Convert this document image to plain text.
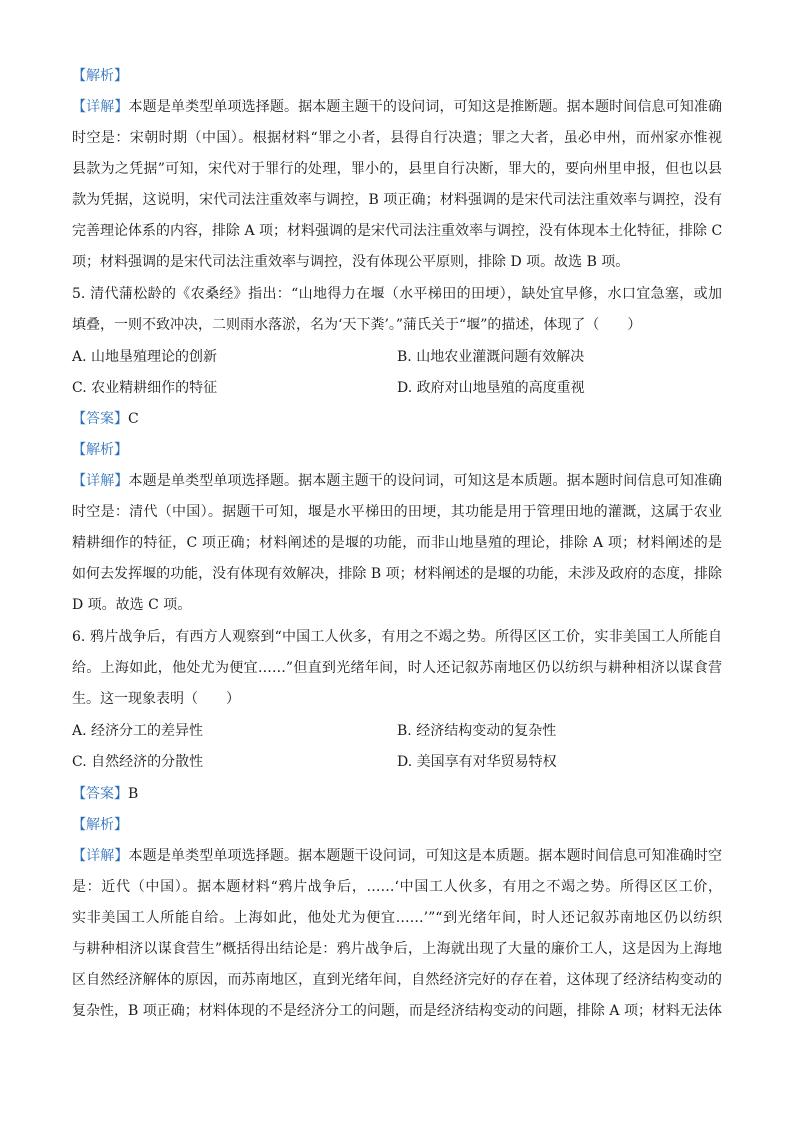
【解析】
【详解】本题是单类型单项选择题。据本题主题干的设问词，可知这是推断题。据本题时间信息可知准确
时空是：宋朝时期（中国）。根据材料“罪之小者，县得自行决遣；罪之大者，虽必申州，而州家亦惟视
县款为之凭据”可知，宋代对于罪行的处理，罪小的，县里自行决断，罪大的，要向州里申报，但也以县
款为凭据，这说明，宋代司法注重效率与调控，B 项正确；材料强调的是宋代司法注重效率与调控，没有
完善理论体系的内容，排除 A 项；材料强调的是宋代司法注重效率与调控，没有体现本土化特征，排除 C
项；材料强调的是宋代司法注重效率与调控，没有体现公平原则，排除 D 项。故选 B 项。
5. 清代蒲松龄的《农桑经》指出：“山地得力在堰（水平梯田的田埂），缺处宜早修，水口宜急塞，或加
填叠，一则不致冲决，二则雨水落淤，名为‘天下粪’。”蒲氏关于“堰”的描述，体现了（　　）
A. 山地垦殖理论的创新	B. 山地农业灌溉问题有效解决
C. 农业精耕细作的特征	D. 政府对山地垦殖的高度重视
【答案】C
【解析】
【详解】本题是单类型单项选择题。据本题主题干的设问词，可知这是本质题。据本题时间信息可知准确
时空是：清代（中国）。据题干可知，堰是水平梯田的田埂，其功能是用于管理田地的灌溉，这属于农业
精耕细作的特征，C 项正确；材料阐述的是堰的功能，而非山地垦殖的理论，排除 A 项；材料阐述的是
如何去发挥堰的功能，没有体现有效解决，排除 B 项；材料阐述的是堰的功能，未涉及政府的态度，排除
D 项。故选 C 项。
6. 鸦片战争后，有西方人观察到“中国工人伙多，有用之不竭之势。所得区区工价，实非美国工人所能自
给。上海如此，他处尤为便宜……”但直到光绪年间，时人还记叙苏南地区仍以纺织与耕种相济以谋食营
生。这一现象表明（　　）
A. 经济分工的差异性	B. 经济结构变动的复杂性
C. 自然经济的分散性	D. 美国享有对华贸易特权
【答案】B
【解析】
【详解】本题是单类型单项选择题。据本题题干设问词，可知这是本质题。据本题时间信息可知准确时空
是：近代（中国）。据本题材料“鸦片战争后，……‘中国工人伙多，有用之不竭之势。所得区区工价，
实非美国工人所能自给。上海如此，他处尤为便宜……’”“到光绪年间，时人还记叙苏南地区仍以纺织
与耕种相济以谋食营生”概括得出结论是：鸦片战争后，上海就出现了大量的廉价工人，这是因为上海地
区自然经济解体的原因，而苏南地区，直到光绪年间，自然经济完好的存在着，这体现了经济结构变动的
复杂性，B 项正确；材料体现的不是经济分工的问题，而是经济结构变动的问题，排除 A 项；材料无法体
